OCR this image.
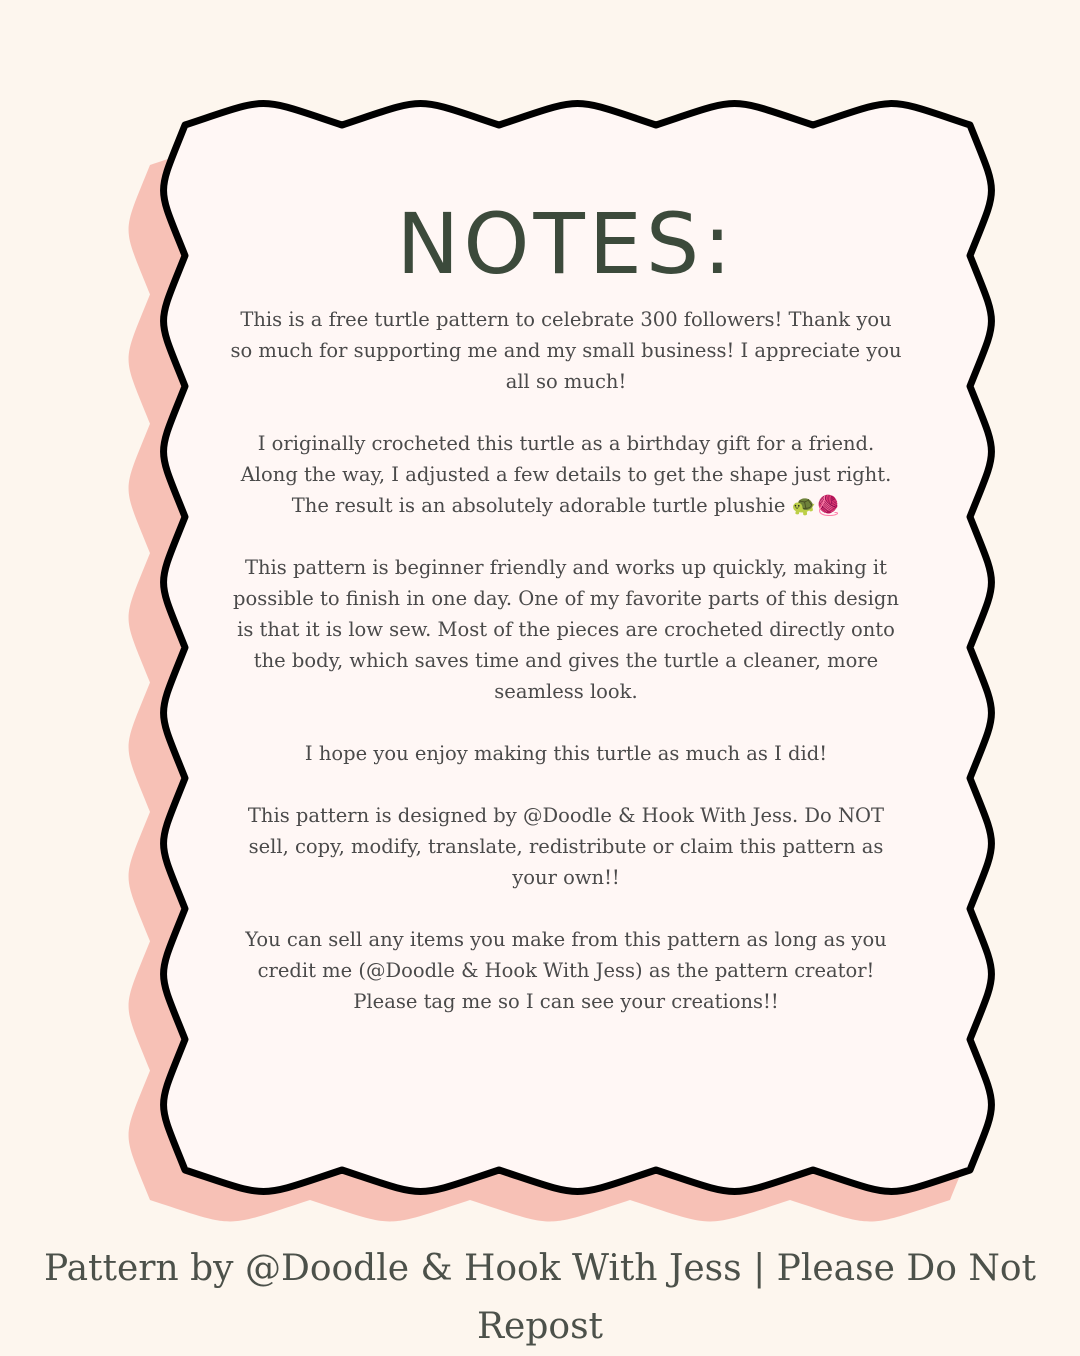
NOTES:

This is a free turtle pattern to celebrate 300 followers! Thank you so much for supporting me and my small business! I appreciate you all so much!

I originally crocheted this turtle as a birthday gift for a friend. Along the way, I adjusted a few details to get the shape just right. The result is an absolutely adorable turtle plushie 🐢🧶

This pattern is beginner friendly and works up quickly, making it possible to finish in one day. One of my favorite parts of this design is that it is low sew. Most of the pieces are crocheted directly onto the body, which saves time and gives the turtle a cleaner, more seamless look.

I hope you enjoy making this turtle as much as I did!

This pattern is designed by @Doodle & Hook With Jess. Do NOT sell, copy, modify, translate, redistribute or claim this pattern as your own!!

You can sell any items you make from this pattern as long as you credit me (@Doodle & Hook With Jess) as the pattern creator! Please tag me so I can see your creations!!

Pattern by @Doodle & Hook With Jess | Please Do Not Repost
